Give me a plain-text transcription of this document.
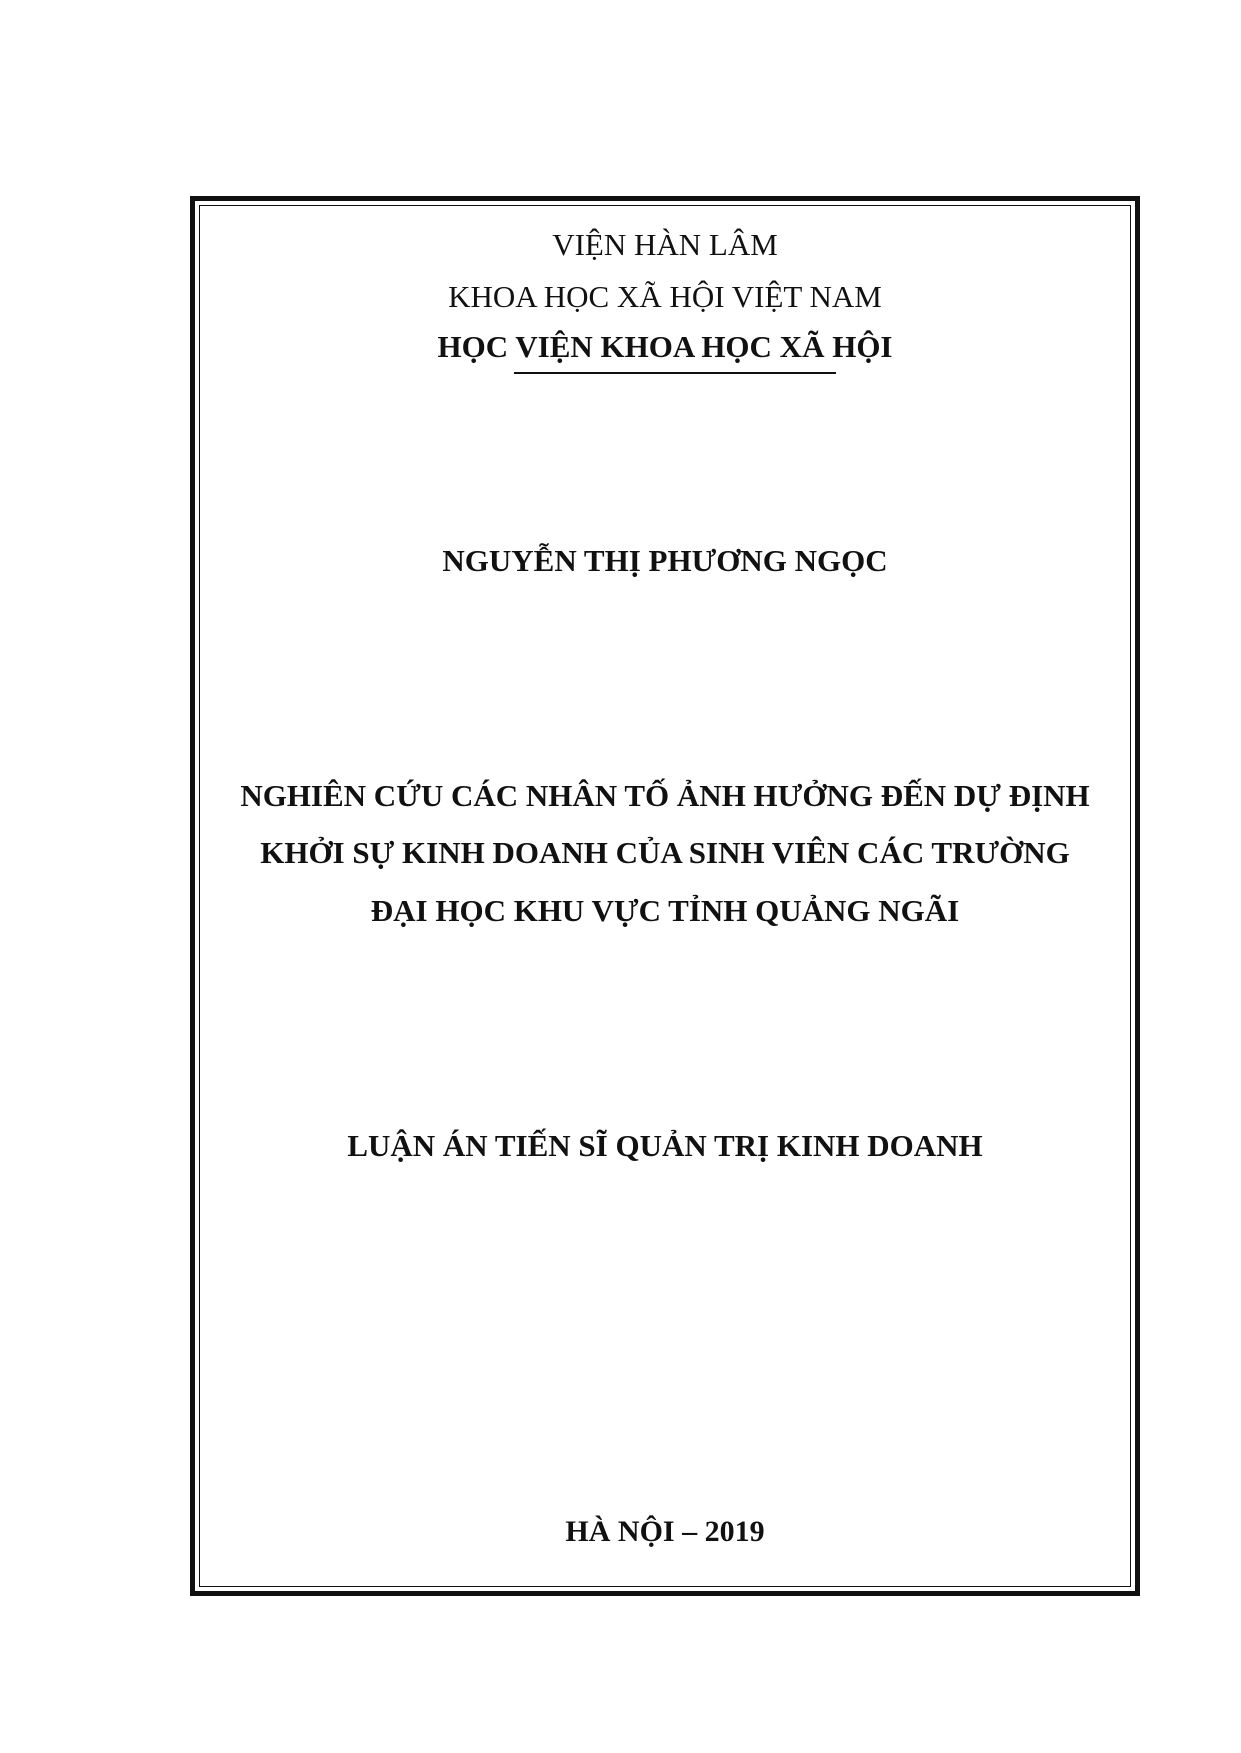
VIỆN HÀN LÂM
KHOA HỌC XÃ HỘI VIỆT NAM
HỌC VIỆN KHOA HỌC XÃ HỘI
NGUYỄN THỊ PHƯƠNG NGỌC
NGHIÊN CỨU CÁC NHÂN TỐ ẢNH HƯỞNG ĐẾN DỰ ĐỊNH
KHỞI SỰ KINH DOANH CỦA SINH VIÊN CÁC TRƯỜNG
ĐẠI HỌC KHU VỰC TỈNH QUẢNG NGÃI
LUẬN ÁN TIẾN SĨ QUẢN TRỊ KINH DOANH
HÀ NỘI – 2019
